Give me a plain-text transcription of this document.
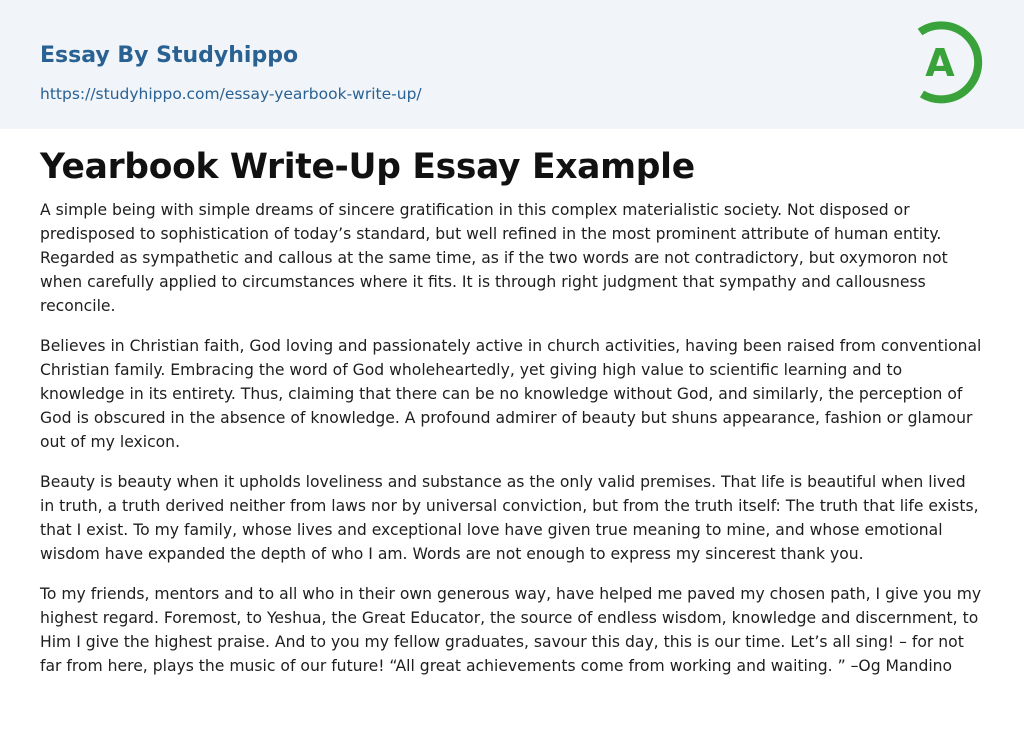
Essay By Studyhippo
https://studyhippo.com/essay-yearbook-write-up/
A
Yearbook Write-Up Essay Example

A simple being with simple dreams of sincere gratification in this complex materialistic society. Not disposed or predisposed to sophistication of today’s standard, but well refined in the most prominent attribute of human entity. Regarded as sympathetic and callous at the same time, as if the two words are not contradictory, but oxymoron not when carefully applied to circumstances where it fits. It is through right judgment that sympathy and callousness reconcile.

Believes in Christian faith, God loving and passionately active in church activities, having been raised from conventional Christian family. Embracing the word of God wholeheartedly, yet giving high value to scientific learning and to knowledge in its entirety. Thus, claiming that there can be no knowledge without God, and similarly, the perception of God is obscured in the absence of knowledge. A profound admirer of beauty but shuns appearance, fashion or glamour out of my lexicon.

Beauty is beauty when it upholds loveliness and substance as the only valid premises. That life is beautiful when lived in truth, a truth derived neither from laws nor by universal conviction, but from the truth itself: The truth that life exists, that I exist. To my family, whose lives and exceptional love have given true meaning to mine, and whose emotional wisdom have expanded the depth of who I am. Words are not enough to express my sincerest thank you.

To my friends, mentors and to all who in their own generous way, have helped me paved my chosen path, I give you my highest regard. Foremost, to Yeshua, the Great Educator, the source of endless wisdom, knowledge and discernment, to Him I give the highest praise. And to you my fellow graduates, savour this day, this is our time. Let’s all sing! – for not far from here, plays the music of our future! “All great achievements come from working and waiting. ” –Og Mandino
